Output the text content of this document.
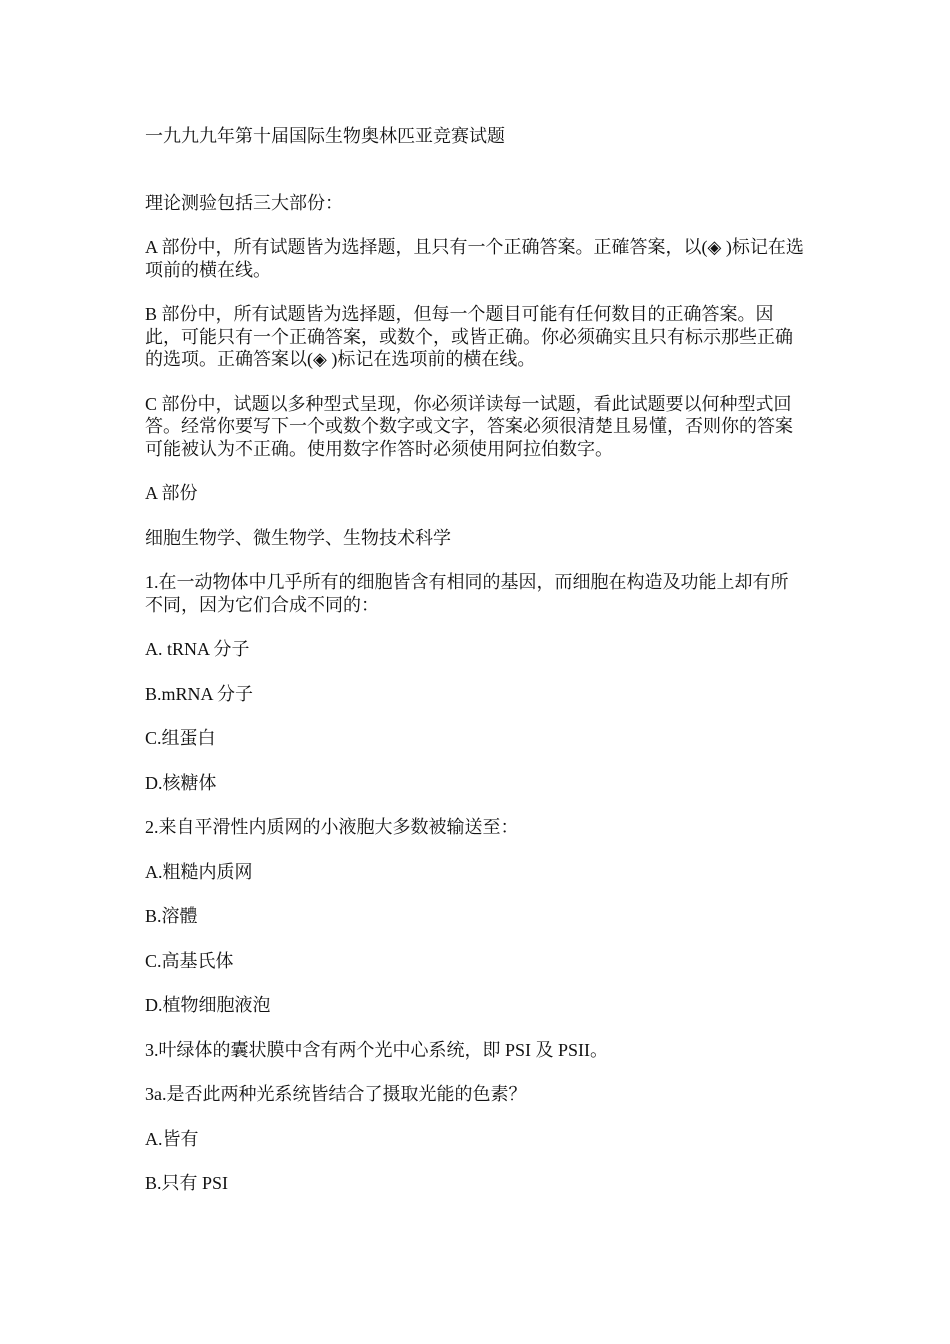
一九九九年第十届国际生物奥林匹亚竞赛试题

理论测验包括三大部份：

A 部份中，所有试题皆为选择题，且只有一个正确答案。正確答案，以(◈ )标记在选项前的横在线。

B 部份中，所有试题皆为选择题，但每一个题目可能有任何数目的正确答案。因此，可能只有一个正确答案，或数个，或皆正确。你必须确实且只有标示那些正确的选项。正确答案以(◈ )标记在选项前的横在线。

C 部份中，试题以多种型式呈现，你必须详读每一试题，看此试题要以何种型式回答。经常你要写下一个或数个数字或文字，答案必须很清楚且易懂，否则你的答案可能被认为不正确。使用数字作答时必须使用阿拉伯数字。

A 部份

细胞生物学、微生物学、生物技术科学

1.在一动物体中几乎所有的细胞皆含有相同的基因，而细胞在构造及功能上却有所不同，因为它们合成不同的：

A. tRNA 分子

B.mRNA 分子

C.组蛋白

D.核糖体

2.来自平滑性内质网的小液胞大多数被输送至：

A.粗糙内质网

B.溶體

C.高基氏体

D.植物细胞液泡

3.叶绿体的囊状膜中含有两个光中心系统，即 PSI 及 PSII。

3a.是否此两种光系统皆结合了摄取光能的色素？

A.皆有

B.只有 PSI
